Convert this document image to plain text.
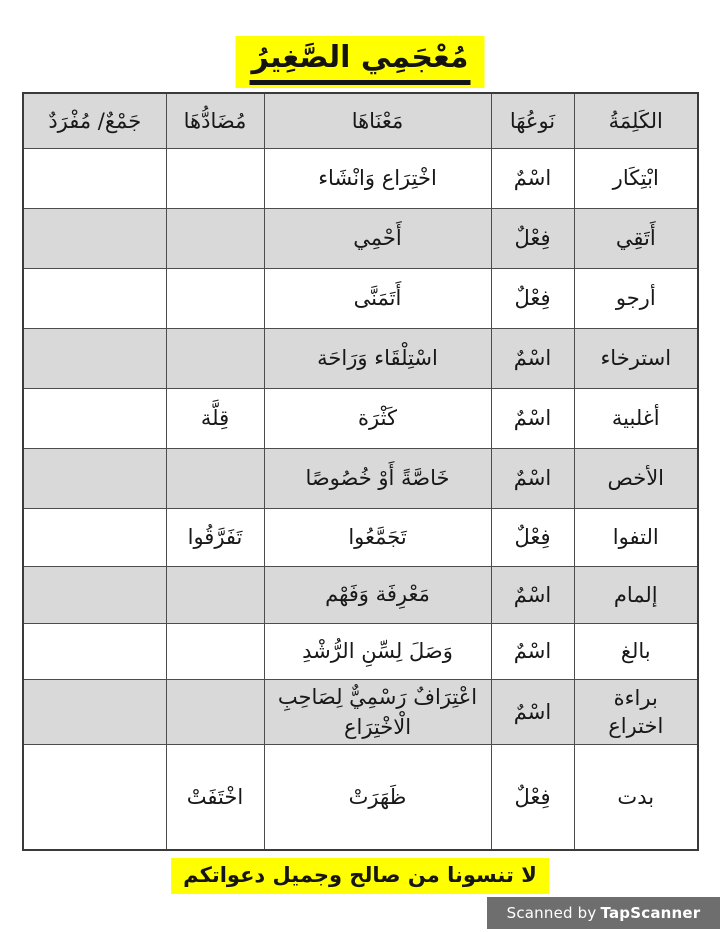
مُعْجَمِي الصَّغِيرُ
الكَلِمَةُ	نَوعُهَا	مَعْنَاهَا	مُضَادُّهَا	جَمْعٌ/ مُفْرَدٌ
ابْتِكَار	اسْمٌ	اخْتِرَاع وَانْشَاء		
أَتَقِي	فِعْلٌ	أَحْمِي		
أرجو	فِعْلٌ	أَتَمَنَّى		
استرخاء	اسْمٌ	اسْتِلْقَاء وَرَاحَة		
أغلبية	اسْمٌ	كَثْرَة	قِلَّة	
الأخص	اسْمٌ	خَاصَّةً أَوْ خُصُوصًا		
التفوا	فِعْلٌ	تَجَمَّعُوا	تَفَرَّقُوا	
إلمام	اسْمٌ	مَعْرِفَة وَفَهْم		
بالغ	اسْمٌ	وَصَلَ لِسِّنِ الرُّشْدِ		
براءة اختراع	اسْمٌ	اعْتِرَافٌ رَسْمِيٌّ لِصَاحِبِ الْاخْتِرَاع		
بدت	فِعْلٌ	ظَهَرَتْ	اخْتَفَتْ	
لا تنسونا من صالح وجميل دعواتكم
Scanned by TapScanner
